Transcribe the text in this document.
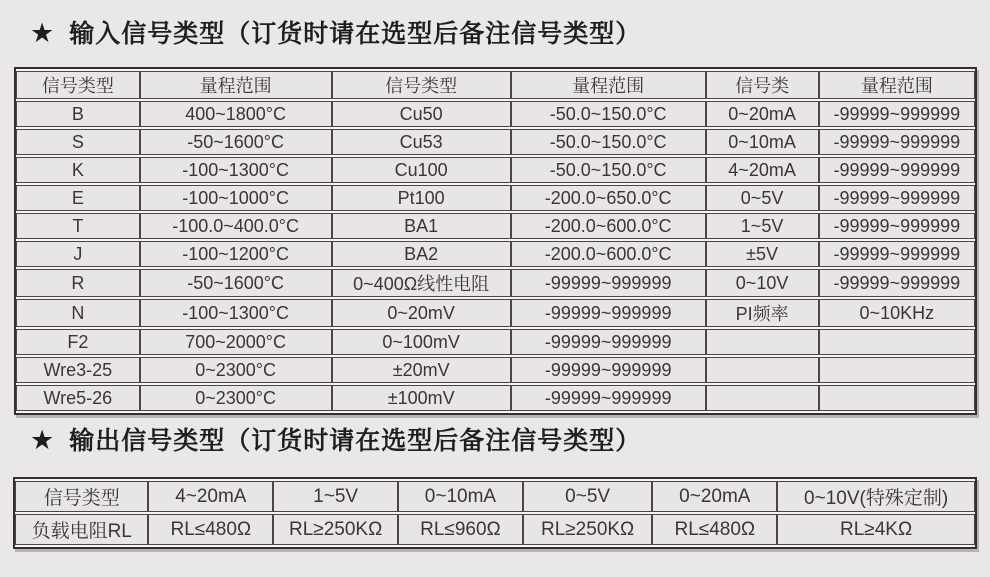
★ 输入信号类型（订货时请在选型后备注信号类型）
信号类型	量程范围	信号类型	量程范围	信号类	量程范围
B	400~1800°C	Cu50	-50.0~150.0°C	0~20mA	-99999~999999
S	-50~1600°C	Cu53	-50.0~150.0°C	0~10mA	-99999~999999
K	-100~1300°C	Cu100	-50.0~150.0°C	4~20mA	-99999~999999
E	-100~1000°C	Pt100	-200.0~650.0°C	0~5V	-99999~999999
T	-100.0~400.0°C	BA1	-200.0~600.0°C	1~5V	-99999~999999
J	-100~1200°C	BA2	-200.0~600.0°C	±5V	-99999~999999
R	-50~1600°C	0~400Ω线性电阻	-99999~999999	0~10V	-99999~999999
N	-100~1300°C	0~20mV	-99999~999999	PI频率	0~10KHz
F2	700~2000°C	0~100mV	-99999~999999		
Wre3-25	0~2300°C	±20mV	-99999~999999		
Wre5-26	0~2300°C	±100mV	-99999~999999		
★ 输出信号类型（订货时请在选型后备注信号类型）
信号类型	4~20mA	1~5V	0~10mA	0~5V	0~20mA	0~10V(特殊定制)
负载电阻RL	RL≤480Ω	RL≥250KΩ	RL≤960Ω	RL≥250KΩ	RL≤480Ω	RL≥4KΩ
